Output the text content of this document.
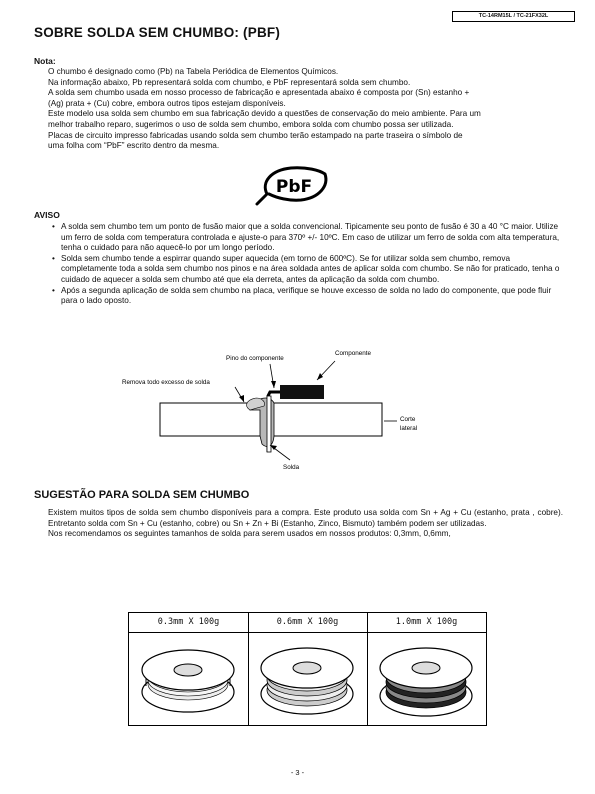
TC-14RM15L / TC-21FX32L
SOBRE SOLDA SEM CHUMBO: (PBF)
Nota:
O chumbo é designado como (Pb) na Tabela Periódica de Elementos Químicos.
Na informação abaixo, Pb representará solda com chumbo, e PbF representará solda sem chumbo.
A solda sem chumbo usada em nosso processo de fabricação e apresentada abaixo é composta por (Sn) estanho +
(Ag) prata + (Cu) cobre, embora outros tipos estejam disponíveis.
Este modelo usa solda sem chumbo em sua fabricação devido a questões de conservação do meio ambiente. Para um
melhor trabalho reparo, sugerimos o uso de solda sem chumbo, embora solda com chumbo possa ser utilizada.
Placas de circuito impresso fabricadas usando solda sem chumbo terão estampado na parte traseira o símbolo de
uma folha com “PbF” escrito dentro da mesma.
PbF
AVISO
• A solda sem chumbo tem um ponto de fusão maior que a solda convencional. Tipicamente seu ponto de fusão é 30 a 40 °C maior. Utilize um ferro de solda com temperatura controlada e ajuste-o para 370º +/- 10ºC. Em caso de utilizar um ferro de solda com alta temperatura, tenha o cuidado para não aquecê-lo por um longo período.
• Solda sem chumbo tende a espirrar quando super aquecida (em torno de 600ºC). Se for utilizar solda sem chumbo, remova completamente toda a solda sem chumbo nos pinos e na área soldada antes de aplicar solda com chumbo. Se não for praticado, tenha o cuidado de aquecer a solda sem chumbo até que ela derreta, antes da aplicação da solda com chumbo.
• Após a segunda aplicação de solda sem chumbo na placa, verifique se houve excesso de solda no lado do componente, que pode fluir para o lado oposto.
Componente
Pino do componente
Remova todo excesso de solda
Corte
lateral
Solda
SUGESTÃO PARA SOLDA SEM CHUMBO
Existem muitos tipos de solda sem chumbo disponíveis para a compra. Este produto usa solda com Sn + Ag + Cu (estanho, prata , cobre). Entretanto solda com Sn + Cu (estanho, cobre) ou Sn + Zn + Bi (Estanho, Zinco, Bismuto) também podem ser utilizadas.
Nos recomendamos os seguintes tamanhos de solda para serem usados em nossos produtos: 0,3mm, 0,6mm,
0.3mm X 100g	0.6mm X 100g	1.0mm X 100g
- 3 -
